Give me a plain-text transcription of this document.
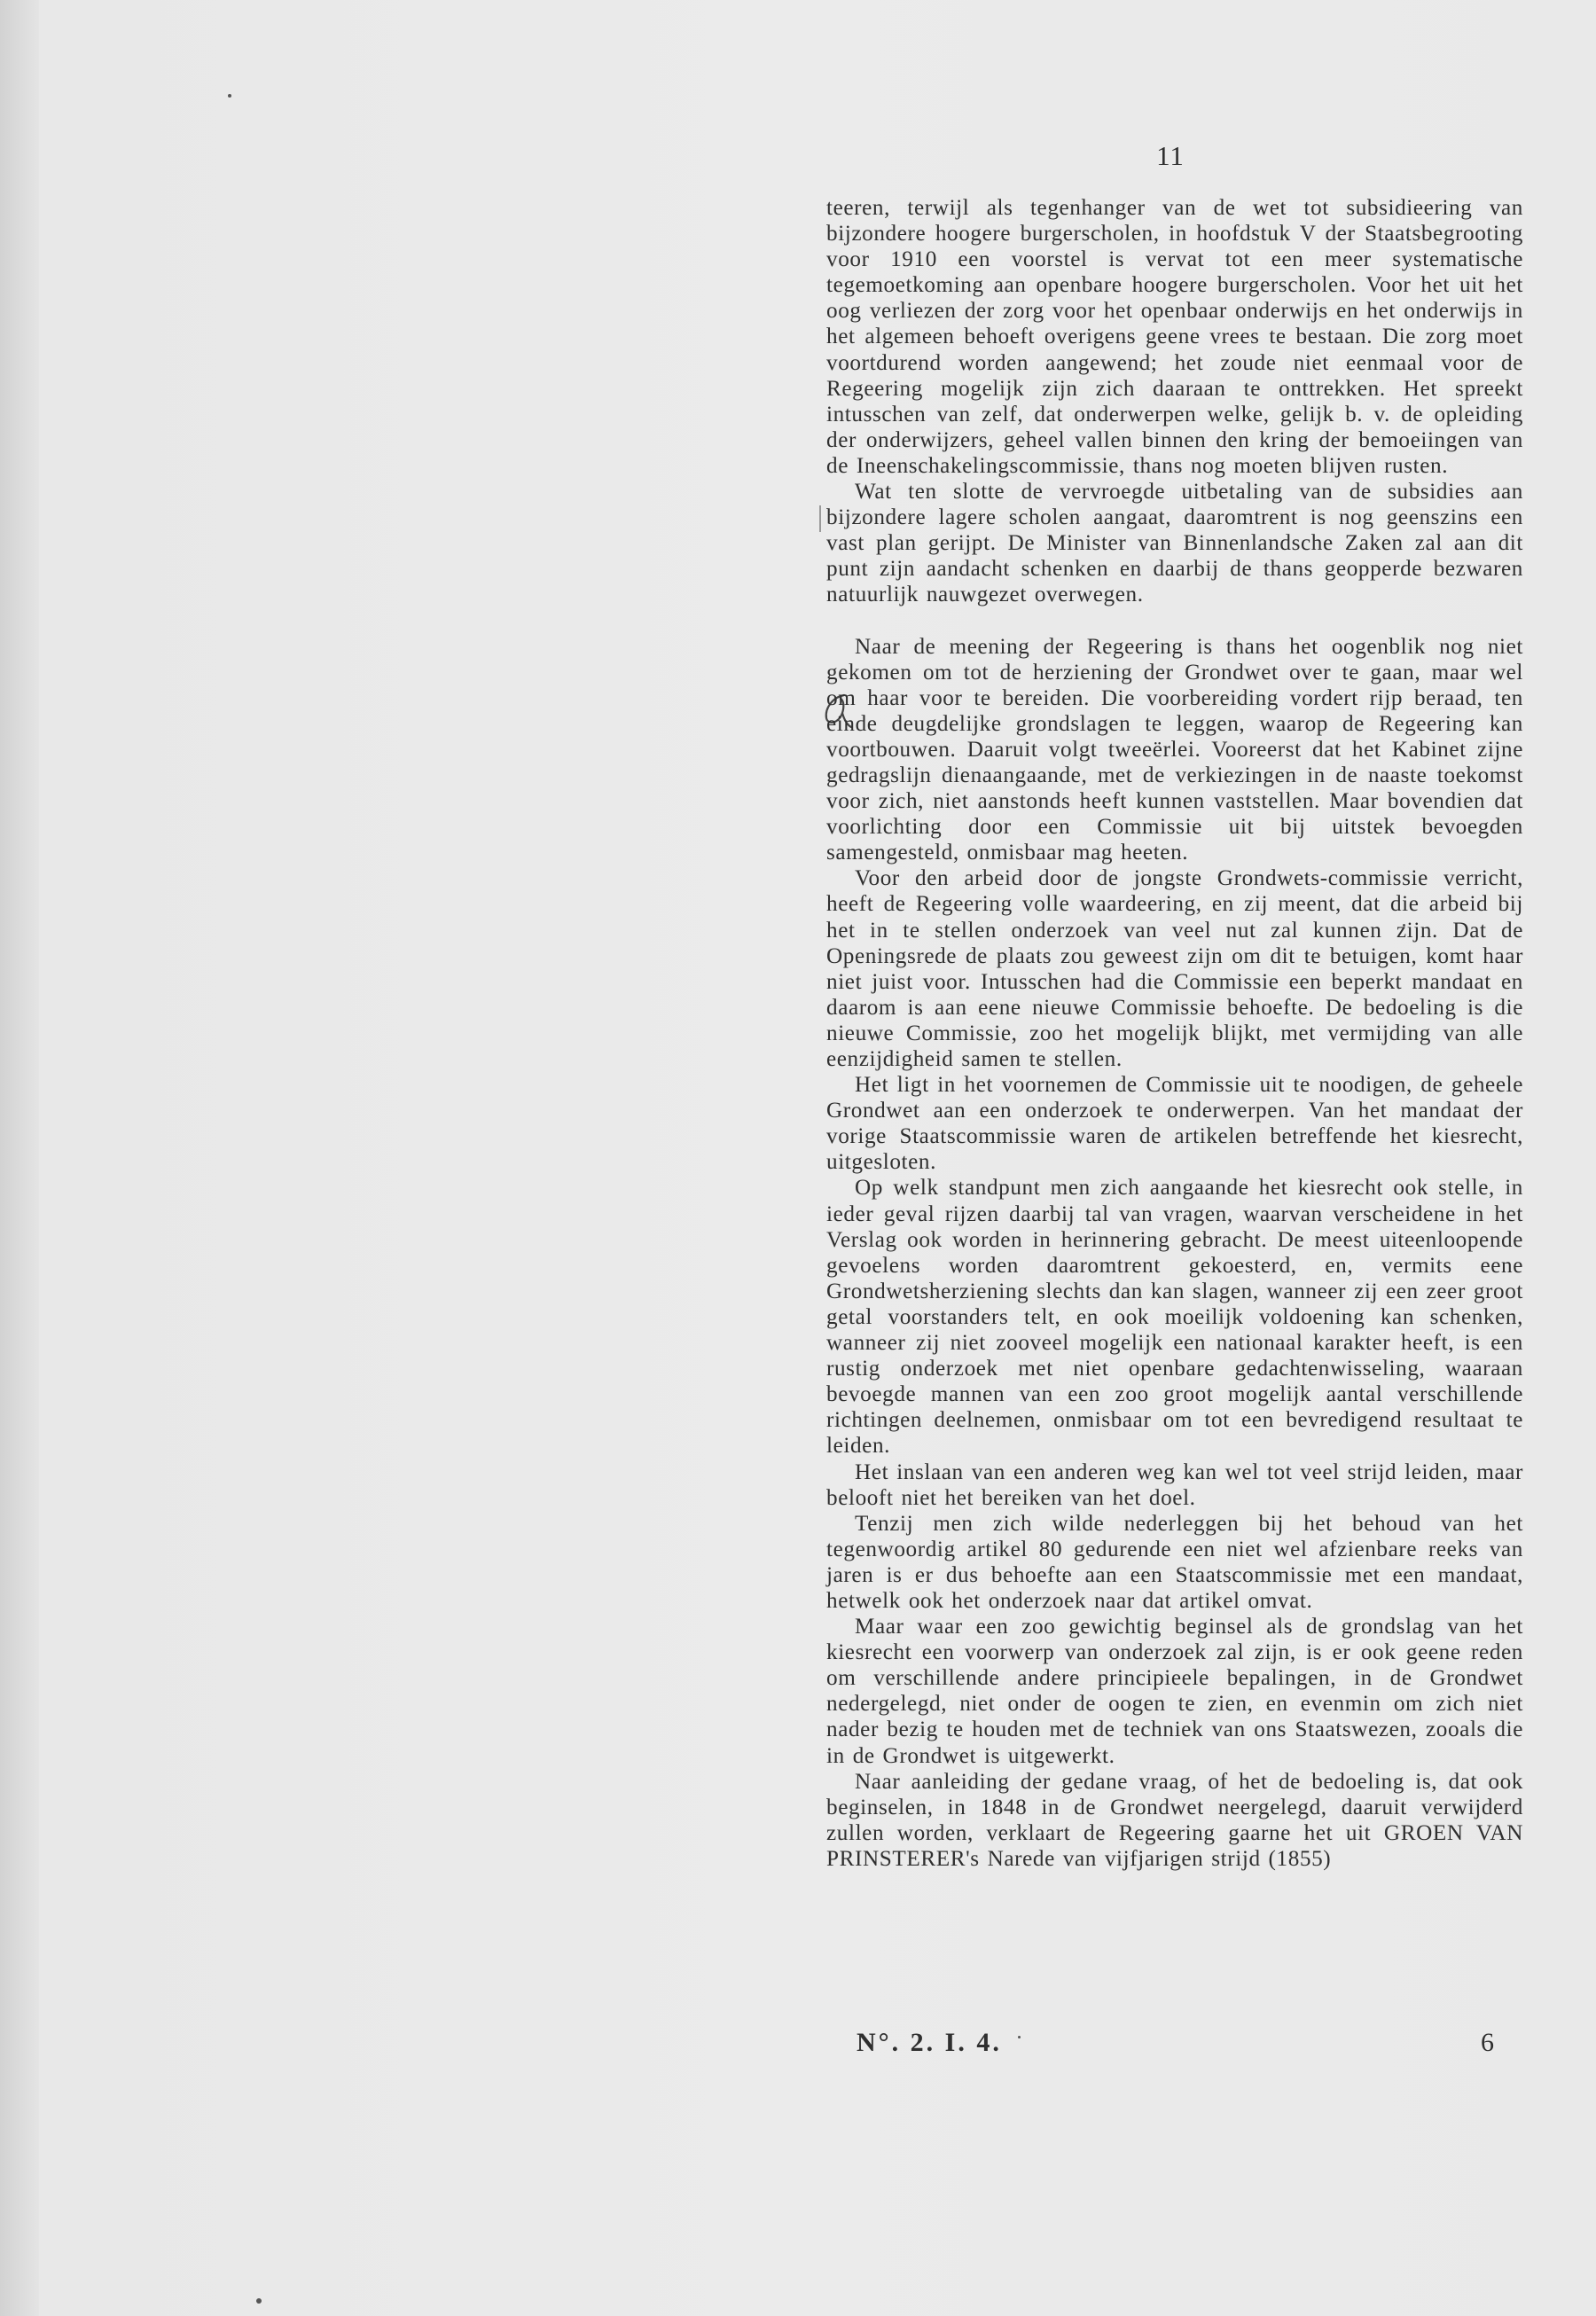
11

teeren, terwijl als tegenhanger van de wet tot subsidieering van bijzondere hoogere burgerscholen, in hoofdstuk V der Staatsbegrooting voor 1910 een voorstel is vervat tot een meer systematische tegemoetkoming aan openbare hoogere burgerscholen. Voor het uit het oog verliezen der zorg voor het openbaar onderwijs en het onderwijs in het algemeen behoeft overigens geene vrees te bestaan. Die zorg moet voortdurend worden aangewend; het zoude niet eenmaal voor de Regeering mogelijk zijn zich daaraan te onttrekken. Het spreekt intusschen van zelf, dat onderwerpen welke, gelijk b. v. de opleiding der onderwijzers, geheel vallen binnen den kring der bemoeiingen van de Ineenschakelingscommissie, thans nog moeten blijven rusten.

Wat ten slotte de vervroegde uitbetaling van de subsidies aan bijzondere lagere scholen aangaat, daaromtrent is nog geenszins een vast plan gerijpt. De Minister van Binnenlandsche Zaken zal aan dit punt zijn aandacht schenken en daarbij de thans geopperde bezwaren natuurlijk nauwgezet overwegen.

Naar de meening der Regeering is thans het oogenblik nog niet gekomen om tot de herziening der Grondwet over te gaan, maar wel om haar voor te bereiden. Die voorbereiding vordert rijp beraad, ten einde deugdelijke grondslagen te leggen, waarop de Regeering kan voortbouwen. Daaruit volgt tweeërlei. Vooreerst dat het Kabinet zijne gedragslijn dienaangaande, met de verkiezingen in de naaste toekomst voor zich, niet aanstonds heeft kunnen vaststellen. Maar bovendien dat voorlichting door een Commissie uit bij uitstek bevoegden samengesteld, onmisbaar mag heeten.

Voor den arbeid door de jongste Grondwets-commissie verricht, heeft de Regeering volle waardeering, en zij meent, dat die arbeid bij het in te stellen onderzoek van veel nut zal kunnen zijn. Dat de Openingsrede de plaats zou geweest zijn om dit te betuigen, komt haar niet juist voor. Intusschen had die Commissie een beperkt mandaat en daarom is aan eene nieuwe Commissie behoefte. De bedoeling is die nieuwe Commissie, zoo het mogelijk blijkt, met vermijding van alle eenzijdigheid samen te stellen.

Het ligt in het voornemen de Commissie uit te noodigen, de geheele Grondwet aan een onderzoek te onderwerpen. Van het mandaat der vorige Staatscommissie waren de artikelen betreffende het kiesrecht, uitgesloten.

Op welk standpunt men zich aangaande het kiesrecht ook stelle, in ieder geval rijzen daarbij tal van vragen, waarvan verscheidene in het Verslag ook worden in herinnering gebracht. De meest uiteenloopende gevoelens worden daaromtrent gekoesterd, en, vermits eene Grondwetsherziening slechts dan kan slagen, wanneer zij een zeer groot getal voorstanders telt, en ook moeilijk voldoening kan schenken, wanneer zij niet zooveel mogelijk een nationaal karakter heeft, is een rustig onderzoek met niet openbare gedachtenwisseling, waaraan bevoegde mannen van een zoo groot mogelijk aantal verschillende richtingen deelnemen, onmisbaar om tot een bevredigend resultaat te leiden.

Het inslaan van een anderen weg kan wel tot veel strijd leiden, maar belooft niet het bereiken van het doel.

Tenzij men zich wilde nederleggen bij het behoud van het tegenwoordig artikel 80 gedurende een niet wel afzienbare reeks van jaren is er dus behoefte aan een Staatscommissie met een mandaat, hetwelk ook het onderzoek naar dat artikel omvat.

Maar waar een zoo gewichtig beginsel als de grondslag van het kiesrecht een voorwerp van onderzoek zal zijn, is er ook geene reden om verschillende andere principieele bepalingen, in de Grondwet nedergelegd, niet onder de oogen te zien, en evenmin om zich niet nader bezig te houden met de techniek van ons Staatswezen, zooals die in de Grondwet is uitgewerkt.

Naar aanleiding der gedane vraag, of het de bedoeling is, dat ook beginselen, in 1848 in de Grondwet neergelegd, daaruit verwijderd zullen worden, verklaart de Regeering gaarne het uit GROEN VAN PRINSTERER's Narede van vijfjarigen strijd (1855)

N°. 2. I. 4.	6
